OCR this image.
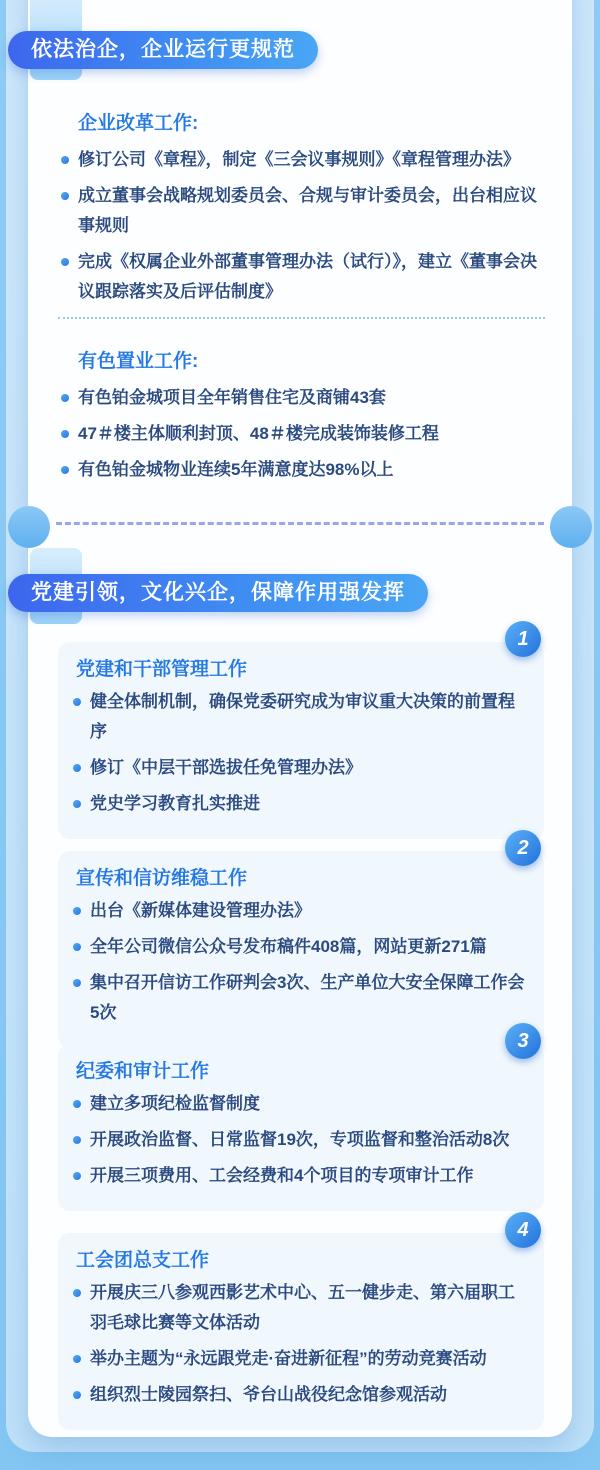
依法治企，企业运行更规范
企业改革工作:
修订公司《章程》，制定《三会议事规则》《章程管理办法》
成立董事会战略规划委员会、合规与审计委员会，出台相应议事规则
完成《权属企业外部董事管理办法（试行）》，建立《董事会决议跟踪落实及后评估制度》
有色置业工作:
有色铂金城项目全年销售住宅及商铺43套
47＃楼主体顺利封顶、48＃楼完成装饰装修工程
有色铂金城物业连续5年满意度达98%以上
党建引领，文化兴企，保障作用强发挥
1
党建和干部管理工作
健全体制机制，确保党委研究成为审议重大决策的前置程序
修订《中层干部选拔任免管理办法》
党史学习教育扎实推进
2
宣传和信访维稳工作
出台《新媒体建设管理办法》
全年公司微信公众号发布稿件408篇，网站更新271篇
集中召开信访工作研判会3次、生产单位大安全保障工作会5次
3
纪委和审计工作
建立多项纪检监督制度
开展政治监督、日常监督19次，专项监督和整治活动8次
开展三项费用、工会经费和4个项目的专项审计工作
4
工会团总支工作
开展庆三八参观西影艺术中心、五一健步走、第六届职工羽毛球比赛等文体活动
举办主题为“永远跟党走·奋进新征程”的劳动竞赛活动
组织烈士陵园祭扫、爷台山战役纪念馆参观活动
